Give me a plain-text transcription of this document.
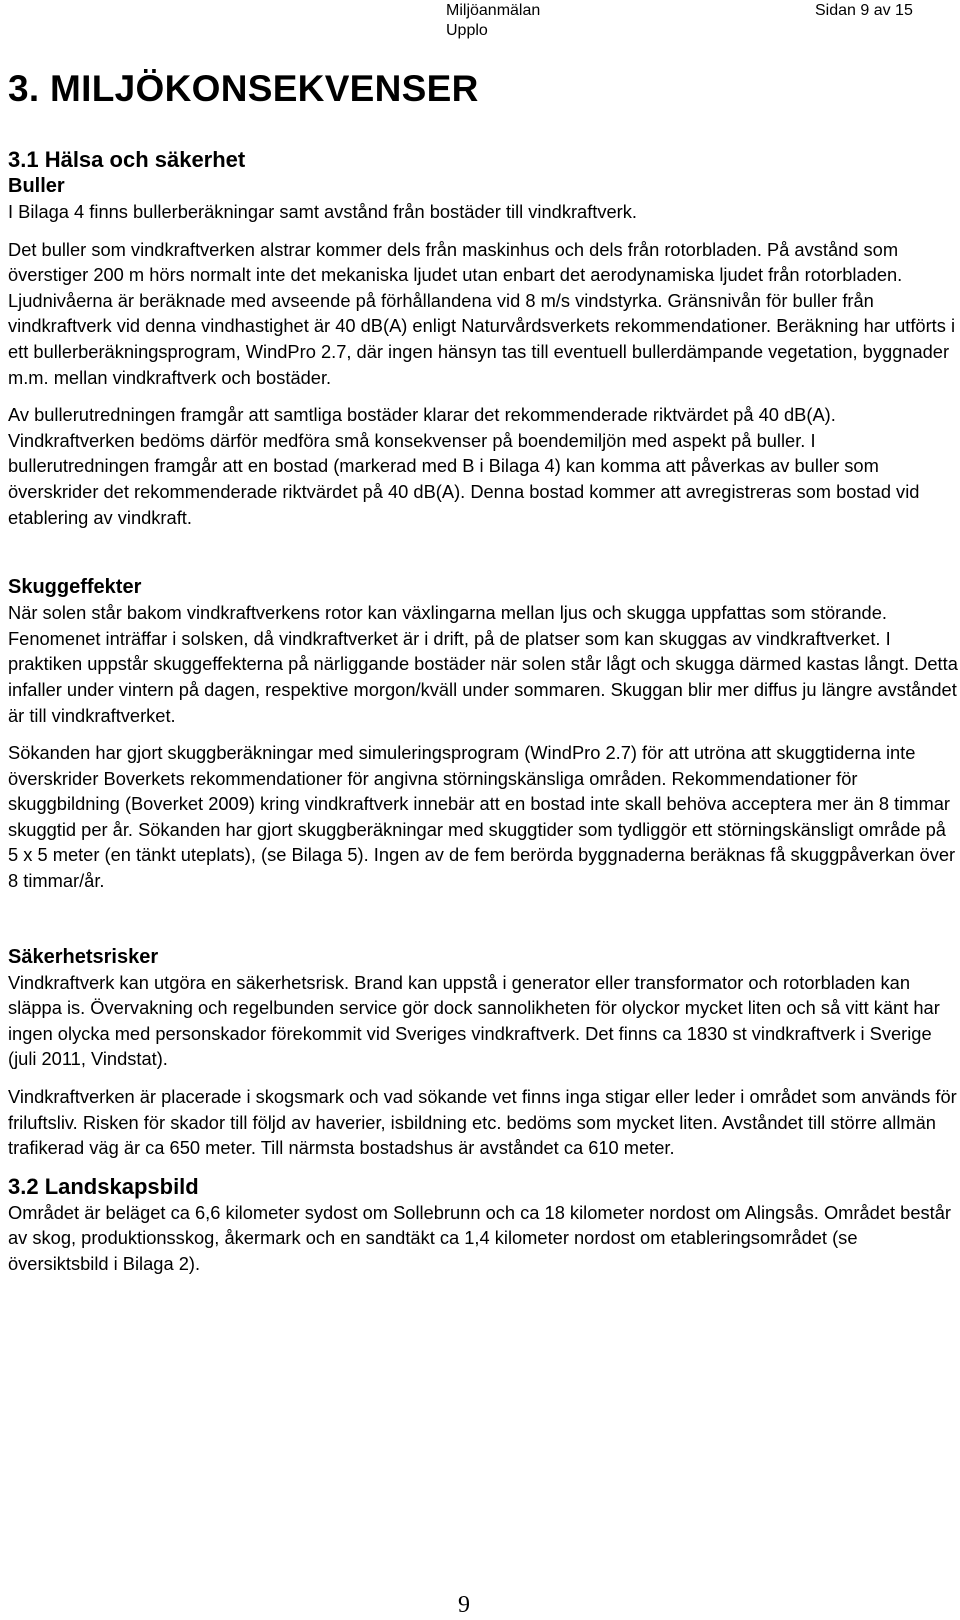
Miljöanmälan
Upplo
Sidan 9 av 15
3. MILJÖKONSEKVENSER
3.1 Hälsa och säkerhet
Buller

I Bilaga 4 finns bullerberäkningar samt avstånd från bostäder till vindkraftverk.

Det buller som vindkraftverken alstrar kommer dels från maskinhus och dels från rotorbladen. På avstånd som överstiger 200 m hörs normalt inte det mekaniska ljudet utan enbart det aerodynamiska ljudet från rotorbladen. Ljudnivåerna är beräknade med avseende på förhållandena vid 8 m/s vindstyrka. Gränsnivån för buller från vindkraftverk vid denna vindhastighet är 40 dB(A) enligt Naturvårdsverkets rekommendationer. Beräkning har utförts i ett bullerberäkningsprogram, WindPro 2.7, där ingen hänsyn tas till eventuell bullerdämpande vegetation, byggnader m.m. mellan vindkraftverk och bostäder.

Av bullerutredningen framgår att samtliga bostäder klarar det rekommenderade riktvärdet på 40 dB(A). Vindkraftverken bedöms därför medföra små konsekvenser på boendemiljön med aspekt på buller. I bullerutredningen framgår att en bostad (markerad med B i Bilaga 4) kan komma att påverkas av buller som överskrider det rekommenderade riktvärdet på 40 dB(A). Denna bostad kommer att avregistreras som bostad vid etablering av vindkraft.

Skuggeffekter

När solen står bakom vindkraftverkens rotor kan växlingarna mellan ljus och skugga uppfattas som störande. Fenomenet inträffar i solsken, då vindkraftverket är i drift, på de platser som kan skuggas av vindkraftverket. I praktiken uppstår skuggeffekterna på närliggande bostäder när solen står lågt och skugga därmed kastas långt. Detta infaller under vintern på dagen, respektive morgon/kväll under sommaren. Skuggan blir mer diffus ju längre avståndet är till vindkraftverket.

Sökanden har gjort skuggberäkningar med simuleringsprogram (WindPro 2.7) för att utröna att skuggtiderna inte överskrider Boverkets rekommendationer för angivna störningskänsliga områden. Rekommendationer för skuggbildning (Boverket 2009) kring vindkraftverk innebär att en bostad inte skall behöva acceptera mer än 8 timmar skuggtid per år. Sökanden har gjort skuggberäkningar med skuggtider som tydliggör ett störningskänsligt område på 5 x 5 meter (en tänkt uteplats), (se Bilaga 5). Ingen av de fem berörda byggnaderna beräknas få skuggpåverkan över 8 timmar/år.

Säkerhetsrisker

Vindkraftverk kan utgöra en säkerhetsrisk. Brand kan uppstå i generator eller transformator och rotorbladen kan släppa is. Övervakning och regelbunden service gör dock sannolikheten för olyckor mycket liten och så vitt känt har ingen olycka med personskador förekommit vid Sveriges vindkraftverk. Det finns ca 1830 st vindkraftverk i Sverige (juli 2011, Vindstat).

Vindkraftverken är placerade i skogsmark och vad sökande vet finns inga stigar eller leder i området som används för friluftsliv. Risken för skador till följd av haverier, isbildning etc. bedöms som mycket liten. Avståndet till större allmän trafikerad väg är ca 650 meter. Till närmsta bostadshus är avståndet ca 610 meter.

3.2 Landskapsbild

Området är beläget ca 6,6 kilometer sydost om Sollebrunn och ca 18 kilometer nordost om Alingsås. Området består av skog, produktionsskog, åkermark och en sandtäkt ca 1,4 kilometer nordost om etableringsområdet (se översiktsbild i Bilaga 2).

9
